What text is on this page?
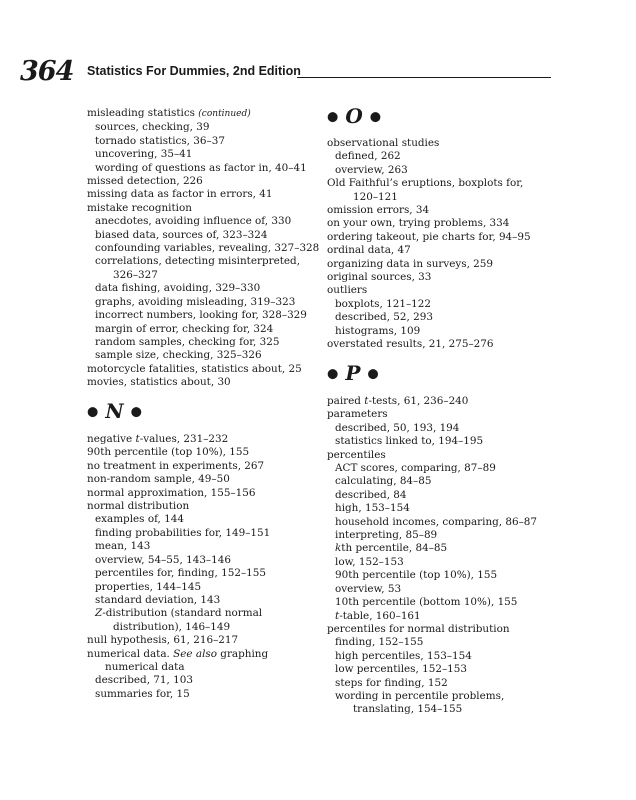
364 Statistics For Dummies, 2nd Edition
misleading statistics (continued)
sources, checking, 39
tornado statistics, 36–37
uncovering, 35–41
wording of questions as factor in, 40–41
missed detection, 226
missing data as factor in errors, 41
mistake recognition
anecdotes, avoiding influence of, 330
biased data, sources of, 323–324
confounding variables, revealing, 327–328
correlations, detecting misinterpreted,
326–327
data fishing, avoiding, 329–330
graphs, avoiding misleading, 319–323
incorrect numbers, looking for, 328–329
margin of error, checking for, 324
random samples, checking for, 325
sample size, checking, 325–326
motorcycle fatalities, statistics about, 25
movies, statistics about, 30
● N ●
negative t-values, 231–232
90th percentile (top 10%), 155
no treatment in experiments, 267
non-random sample, 49–50
normal approximation, 155–156
normal distribution
examples of, 144
finding probabilities for, 149–151
mean, 143
overview, 54–55, 143–146
percentiles for, finding, 152–155
properties, 144–145
standard deviation, 143
Z-distribution (standard normal
distribution), 146–149
null hypothesis, 61, 216–217
numerical data. See also graphing
numerical data
described, 71, 103
summaries for, 15
● O ●
observational studies
defined, 262
overview, 263
Old Faithful’s eruptions, boxplots for,
120–121
omission errors, 34
on your own, trying problems, 334
ordering takeout, pie charts for, 94–95
ordinal data, 47
organizing data in surveys, 259
original sources, 33
outliers
boxplots, 121–122
described, 52, 293
histograms, 109
overstated results, 21, 275–276
● P ●
paired t-tests, 61, 236–240
parameters
described, 50, 193, 194
statistics linked to, 194–195
percentiles
ACT scores, comparing, 87–89
calculating, 84–85
described, 84
high, 153–154
household incomes, comparing, 86–87
interpreting, 85–89
kth percentile, 84–85
low, 152–153
90th percentile (top 10%), 155
overview, 53
10th percentile (bottom 10%), 155
t-table, 160–161
percentiles for normal distribution
finding, 152–155
high percentiles, 153–154
low percentiles, 152–153
steps for finding, 152
wording in percentile problems,
translating, 154–155
